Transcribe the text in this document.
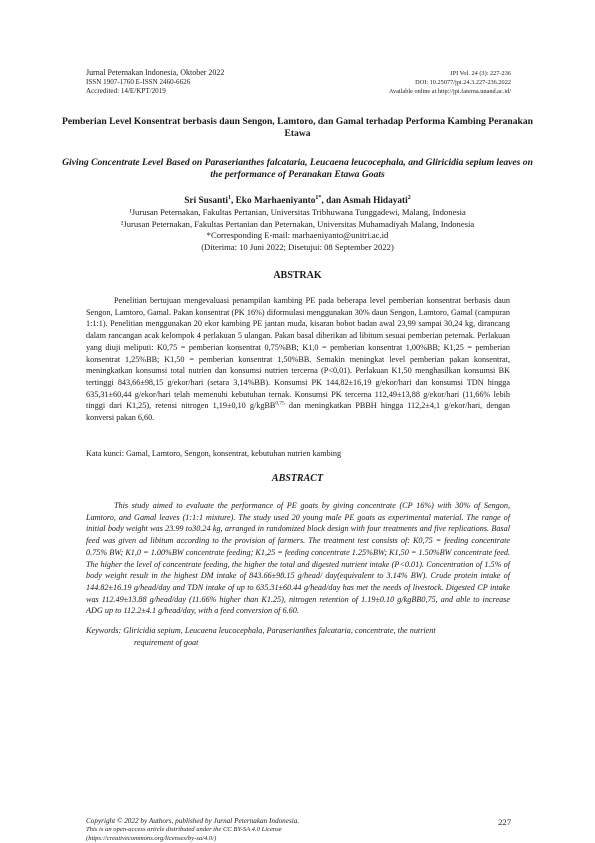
Jurnal Peternakan Indonesia, Oktober 2022
ISSN 1907-1760 E-ISSN 2460-6626
Accredited: 14/E/KPT/2019
JPI Vol. 24 (3): 227-236
DOI: 10.25077/jpi.24.3.227-236.2022
Available online at http://jpi.faterna.unand.ac.id/
Pemberian Level Konsentrat berbasis daun Sengon, Lamtoro, dan Gamal terhadap Performa Kambing Peranakan Etawa
Giving Concentrate Level Based on Paraserianthes falcataria, Leucaena leucocephala, and Gliricidia sepium leaves on the performance of Peranakan Etawa Goats
Sri Susanti$^1$, Eko Marhaeniyanto$^{1*}$, dan Asmah Hidayati$^2$
¹Jurusan Peternakan, Fakultas Pertanian, Universitas Tribhuwana Tunggadewi, Malang, Indonesia
²Jurusan Peternakan, Fakultas Pertanian dan Peternakan, Universitas Muhamadiyah Malang, Indonesia
*Corresponding E-mail: marhaeniyanto@unitri.ac.id
(Diterima: 10 Juni 2022; Disetujui: 08 September 2022)
ABSTRAK
Penelitian bertujuan mengevaluasi penampilan kambing PE pada beberapa level pemberian konsentrat berbasis daun Sengon, Lamtoro, Gamal. Pakan konsentrat (PK 16%) diformulasi menggunakan 30% daun Sengon, Lamtoro, Gamal (campuran 1:1:1). Penelitian menggunakan 20 ekor kambing PE jantan muda, kisaran bobot badan awal 23,99 sampai 30,24 kg, dirancang dalam rancangan acak kelompok 4 perlakuan 5 ulangan. Pakan basal diberikan ad libitum sesuai pemberian peternak. Perlakuan yang diuji meliputi: K0,75 = pemberian konsentrat 0,75%BB; K1,0 = pemberian konsentrat 1,00%BB; K1,25 = pemberian konsentrat 1,25%BB; K1,50 = pemberian konsentrat 1,50%BB. Semakin meningkat level pemberian pakan konsentrat, meningkatkan konsumsi total nutrien dan konsumsi nutrien tercerna (P<0,01). Perlakuan K1,50 menghasilkan konsumsi BK tertinggi 843,66±98,15 g/ekor/hari (setara 3,14%BB). Konsumsi PK 144,82±16,19 g/ekor/hari dan konsumsi TDN hingga 635,31±60,44 g/ekor/hari telah memenuhi kebutuhan ternak. Konsumsi PK tercerna 112,49±13,88 g/ekor/hari (11,66% lebih tinggi dari K1,25), retensi nitrogen 1,19±0,10 g/kgBB$^{0,75}$ dan meningkatkan PBBH hingga 112,2±4,1 g/ekor/hari, dengan konversi pakan 6,60.
Kata kunci: Gamal, Lamtoro, Sengon, konsentrat, kebutuhan nutrien kambing
ABSTRACT
This study aimed to evaluate the performance of PE goats by giving concentrate (CP 16%) with 30% of Sengon, Lamtoro, and Gamal leaves (1:1:1 mixture). The study used 20 young male PE goats as experimental material. The range of initial body weight was 23.99 to30.24 kg, arranged in randomized block design with four treatments and five replications. Basal feed was given ad libitum according to the provision of farmers. The treatment test consists of: K0,75 = feeding concentrate 0.75% BW; K1,0 = 1.00%BW concentrate feeding; K1,25 = feeding concentrate 1.25%BW; K1,50 = 1.50%BW concentrate feed. The higher the level of concentrate feeding, the higher the total and digested nutrient intake (P<0.01). Concentration of 1.5% of body weight result in the highest DM intake of 843.66±98.15 g/head/ day(equivalent to 3.14% BW). Crude protein intake of 144.82±16.19 g/head/day and TDN intake of up to 635.31±60.44 g/head/day has met the needs of livestock. Digested CP intake was 112.49±13.88 g/head/day (11.66% higher than K1.25), nitrogen retention of 1.19±0.10 g/kgBB0,75, and able to increase ADG up to 112.2±4.1 g/head/day, with a feed conversion of 6.60.
Keywords: Gliricidia sepium, Leucaena leucocephala, Paraserianthes falcataria, concentrate, the nutrient
requirement of goat
Copyright © 2022 by Authors, published by Jurnal Peternakan Indonesia.
This is an open-access article distributed under the CC BY-SA 4.0 License
(https://creativecommons.org/licenses/by-sa/4.0/)
227
